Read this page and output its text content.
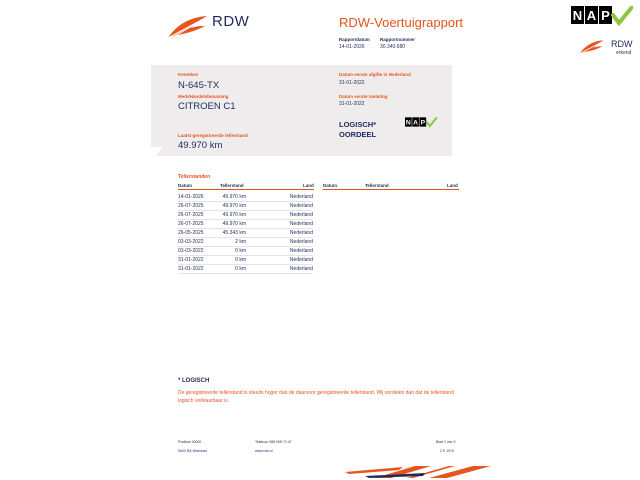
RDW	RDW-Voertuigrapport
Rapportdatum
14-01-2026
Rapportnummer
30.340.680
N A P
RDW
erkend
Kenteken
N-645-TX
Merk/Handelsbenaming
CITROEN C1
Laatst geregistreerde tellerstand
49.970 km
Datum eerste afgifte in Nederland
31-01-2022
Datum eerste toelating
31-01-2022
LOGISCH*
OORDEEL
N A P
Tellerstanden
Datum	Tellerstand	Land Datum	Tellerstand	Land
14-01-2026	49.970 km	Nederland
26-07-2025	49.970 km	Nederland
26-07-2025	49.970 km	Nederland
26-07-2025	49.970 km	Nederland
26-05-2025	45.343 km	Nederland
03-03-2022	2 km	Nederland
03-03-2022	0 km	Nederland
31-01-2022	0 km	Nederland
31-01-2022	0 km	Nederland
* LOGISCH
De geregistreerde tellerstand is steeds hoger dan de daarvoor geregistreerde tellerstand. Wij oordelen dan dat de tellerstand logisch verklaarbaar is.
Postbus 30000
9640 RA Veendam
Telefoon 088 008 74 47
www.rdw.nl
Blad 1 van 3
2 E 1970
